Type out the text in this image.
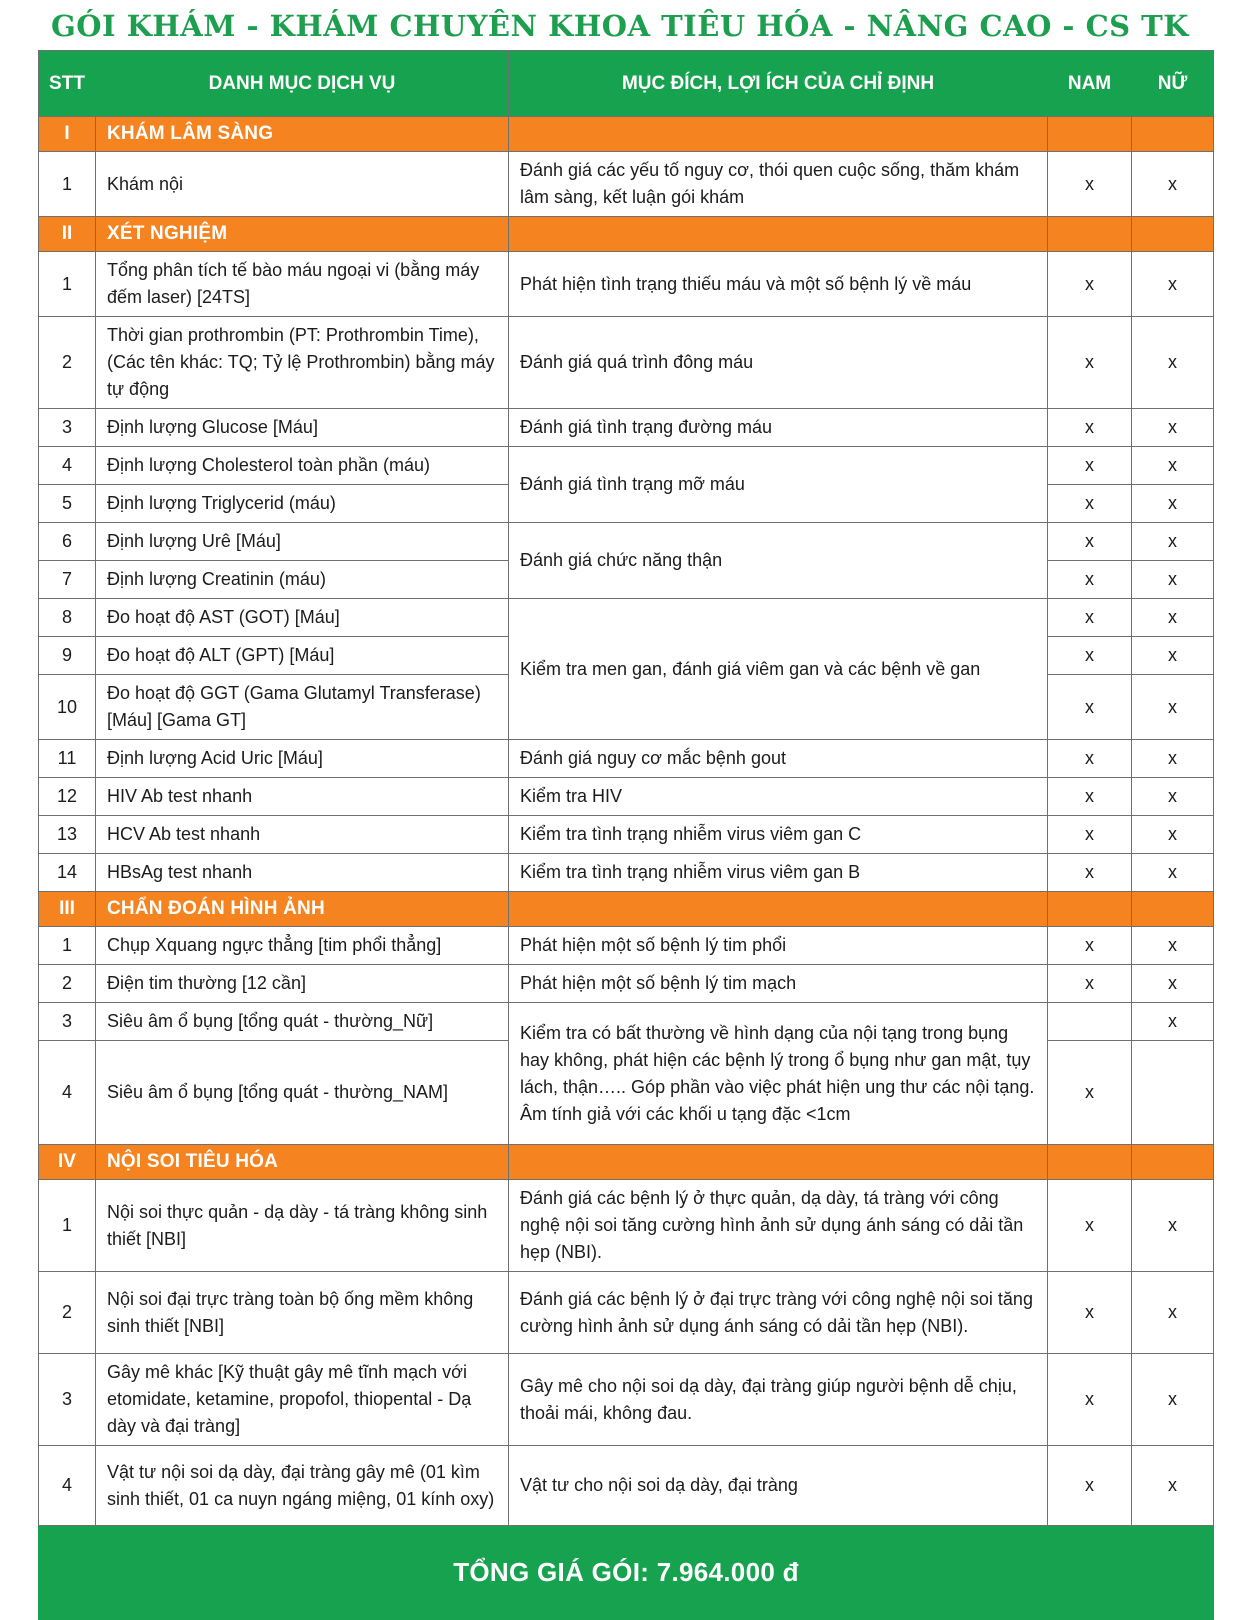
GÓI KHÁM - KHÁM CHUYÊN KHOA TIÊU HÓA - NÂNG CAO - CS TK
STT	DANH MỤC DỊCH VỤ	MỤC ĐÍCH, LỢI ÍCH CỦA CHỈ ĐỊNH	NAM	NỮ
I	KHÁM LÂM SÀNG			
1	Khám nội	Đánh giá các yếu tố nguy cơ, thói quen cuộc sống, thăm khám lâm sàng, kết luận gói khám	x	x
II	XÉT NGHIỆM			
1	Tổng phân tích tế bào máu ngoại vi (bằng máy đếm laser) [24TS]	Phát hiện tình trạng thiếu máu và một số bệnh lý về máu	x	x
2	Thời gian prothrombin (PT: Prothrombin Time), (Các tên khác: TQ; Tỷ lệ Prothrombin) bằng máy tự động	Đánh giá quá trình đông máu	x	x
3	Định lượng Glucose [Máu]	Đánh giá tình trạng đường máu	x	x
4	Định lượng Cholesterol toàn phần (máu)	Đánh giá tình trạng mỡ máu	x	x
5	Định lượng Triglycerid (máu)		x	x
6	Định lượng Urê [Máu]	Đánh giá chức năng thận	x	x
7	Định lượng Creatinin (máu)		x	x
8	Đo hoạt độ AST (GOT) [Máu]	Kiểm tra men gan, đánh giá viêm gan và các bệnh về gan	x	x
9	Đo hoạt độ ALT (GPT) [Máu]		x	x
10	Đo hoạt độ GGT (Gama Glutamyl Transferase) [Máu] [Gama GT]		x	x
11	Định lượng Acid Uric [Máu]	Đánh giá nguy cơ mắc bệnh gout	x	x
12	HIV Ab test nhanh	Kiểm tra HIV	x	x
13	HCV Ab test nhanh	Kiểm tra tình trạng nhiễm virus viêm gan C	x	x
14	HBsAg test nhanh	Kiểm tra tình trạng nhiễm virus viêm gan B	x	x
III	CHẨN ĐOÁN HÌNH ẢNH			
1	Chụp Xquang ngực thẳng [tim phổi thẳng]	Phát hiện một số bệnh lý tim phổi	x	x
2	Điện tim thường [12 cần]	Phát hiện một số bệnh lý tim mạch	x	x
3	Siêu âm ổ bụng [tổng quát - thường_Nữ]	Kiểm tra có bất thường về hình dạng của nội tạng trong bụng hay không, phát hiện các bệnh lý trong ổ bụng như gan mật, tụy lách, thận….. Góp phần vào việc phát hiện ung thư các nội tạng. Âm tính giả với các khối u tạng đặc <1cm		x
4	Siêu âm ổ bụng [tổng quát - thường_NAM]		x	
IV	NỘI SOI TIÊU HÓA			
1	Nội soi thực quản - dạ dày - tá tràng không sinh thiết [NBI]	Đánh giá các bệnh lý ở thực quản, dạ dày, tá tràng với công nghệ nội soi tăng cường hình ảnh sử dụng ánh sáng có dải tần hẹp (NBI).	x	x
2	Nội soi đại trực tràng toàn bộ ống mềm không sinh thiết [NBI]	Đánh giá các bệnh lý ở đại trực tràng với công nghệ nội soi tăng cường hình ảnh sử dụng ánh sáng có dải tần hẹp (NBI).	x	x
3	Gây mê khác [Kỹ thuật gây mê tĩnh mạch với etomidate, ketamine, propofol, thiopental - Dạ dày và đại tràng]	Gây mê cho nội soi dạ dày, đại tràng giúp người bệnh dễ chịu, thoải mái, không đau.	x	x
4	Vật tư nội soi dạ dày, đại tràng gây mê (01 kìm sinh thiết, 01 ca nuyn ngáng miệng, 01 kính oxy)	Vật tư cho nội soi dạ dày, đại tràng	x	x
TỔNG GIÁ GÓI: 7.964.000 đ				
